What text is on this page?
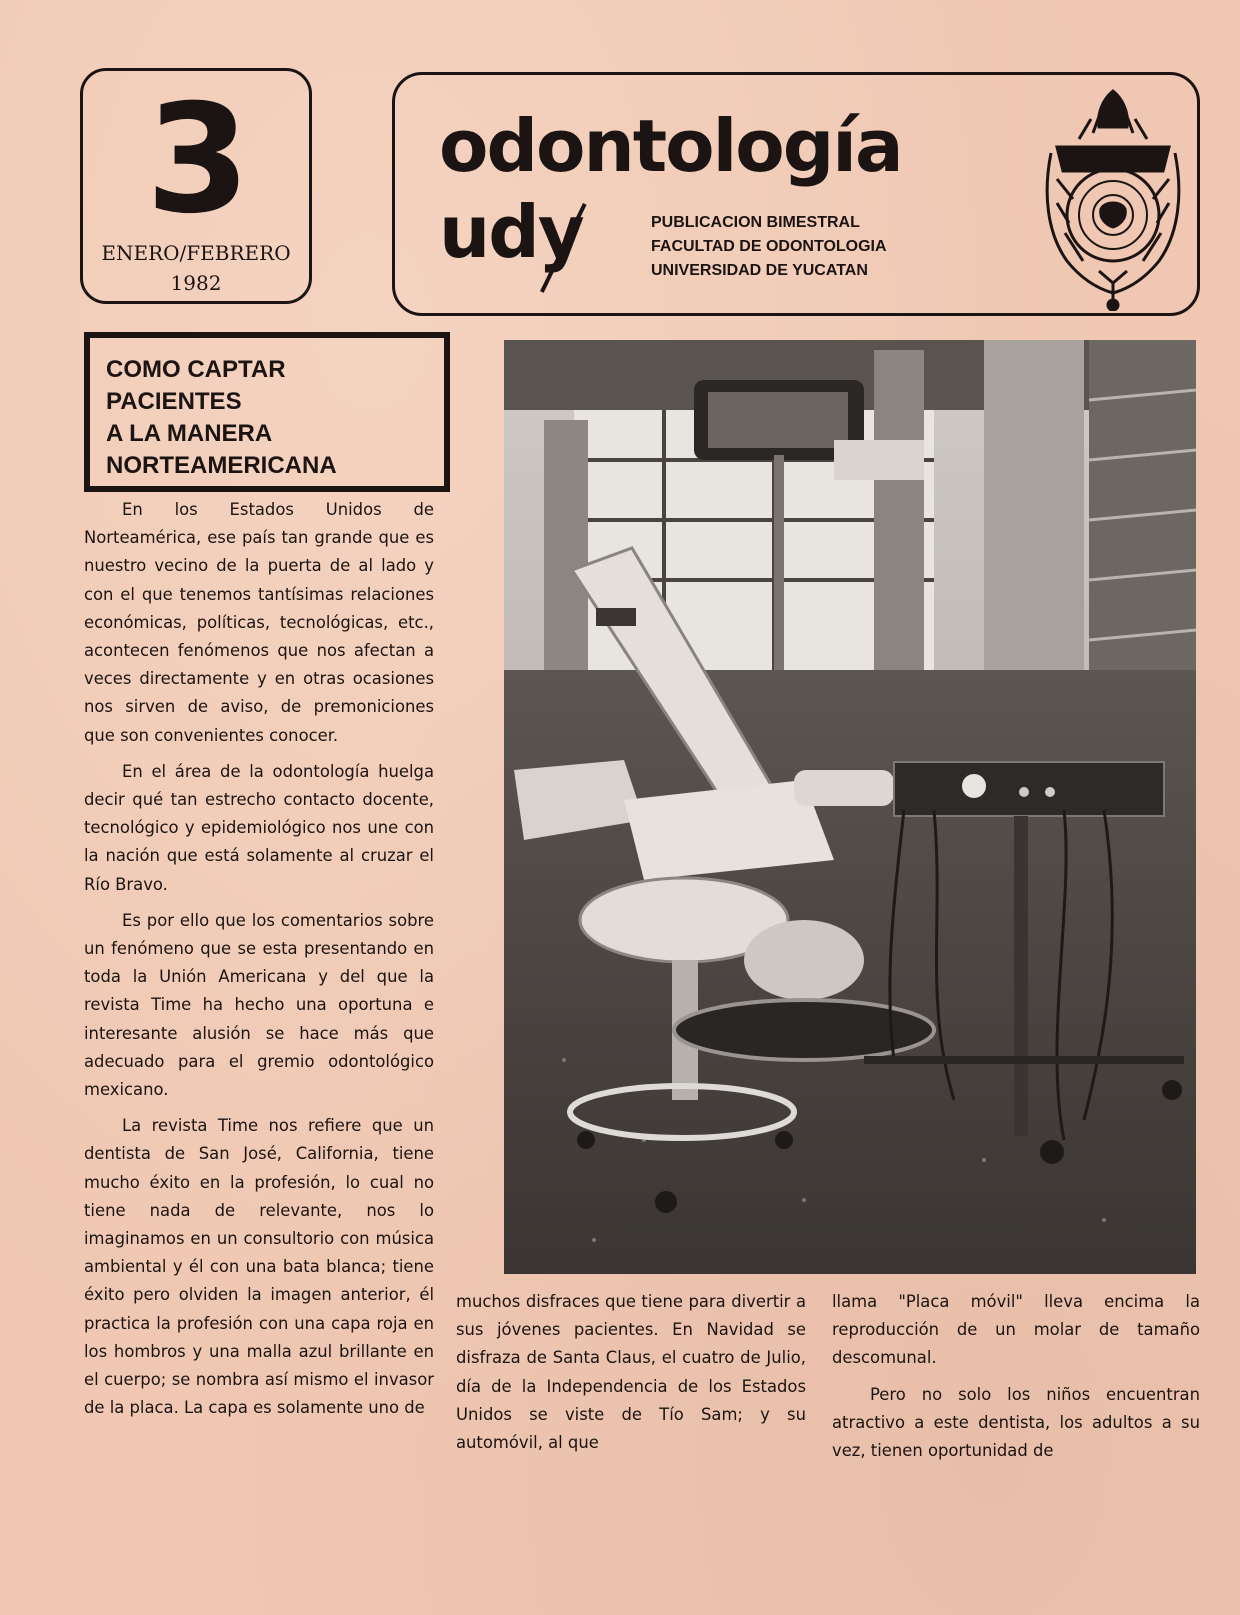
3
ENERO/FEBRERO
1982
odontología
udy	PUBLICACION BIMESTRAL
FACULTAD DE ODONTOLOGIA
UNIVERSIDAD DE YUCATAN
COMO CAPTAR
PACIENTES
A LA MANERA
NORTEAMERICANA

En los Estados Unidos de Norteamérica, ese país tan grande que es nuestro vecino de la puerta de al lado y con el que tenemos tantísimas relaciones económicas, políticas, tecnológicas, etc., acontecen fenómenos que nos afectan a veces directamente y en otras ocasiones nos sirven de aviso, de premoniciones que son convenientes conocer.

En el área de la odontología huelga decir qué tan estrecho contacto docente, tecnológico y epidemiológico nos une con la nación que está solamente al cruzar el Río Bravo.

Es por ello que los comentarios sobre un fenómeno que se esta presentando en toda la Unión Americana y del que la revista Time ha hecho una oportuna e interesante alusión se hace más que adecuado para el gremio odontológico mexicano.

La revista Time nos refiere que un dentista de San José, California, tiene mucho éxito en la profesión, lo cual no tiene nada de relevante, nos lo imaginamos en un consultorio con música ambiental y él con una bata blanca; tiene éxito pero olviden la imagen anterior, él practica la profesión con una capa roja en los hombros y una malla azul brillante en el cuerpo; se nombra así mismo el invasor de la placa. La capa es solamente uno de

muchos disfraces que tiene para divertir a sus jóvenes pacientes. En Navidad se disfraza de Santa Claus, el cuatro de Julio, día de la Independencia de los Estados Unidos se viste de Tío Sam; y su automóvil, al que

llama "Placa móvil" lleva encima la reproducción de un molar de tamaño descomunal.

Pero no solo los niños encuentran atractivo a este dentista, los adultos a su vez, tienen oportunidad de
